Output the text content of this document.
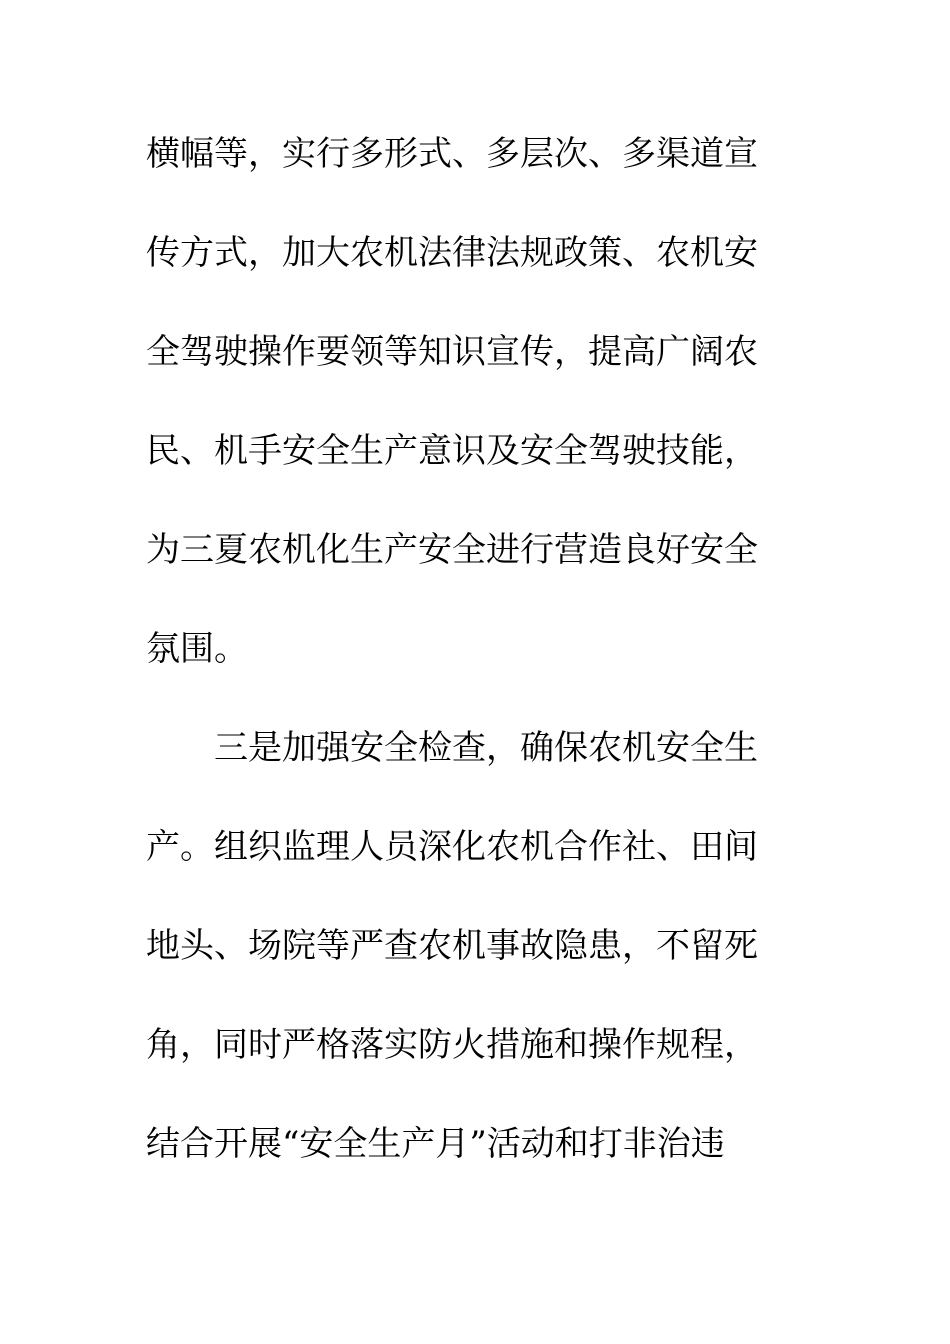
横幅等，实行多形式、多层次、多渠道宣
传方式，加大农机法律法规政策、农机安
全驾驶操作要领等知识宣传，提高广阔农
民、机手安全生产意识及安全驾驶技能，
为三夏农机化生产安全进行营造良好安全
氛围。
三是加强安全检查，确保农机安全生
产。组织监理人员深化农机合作社、田间
地头、场院等严查农机事故隐患，不留死
角，同时严格落实防火措施和操作规程，
结合开展“安全生产月”活动和打非治违
